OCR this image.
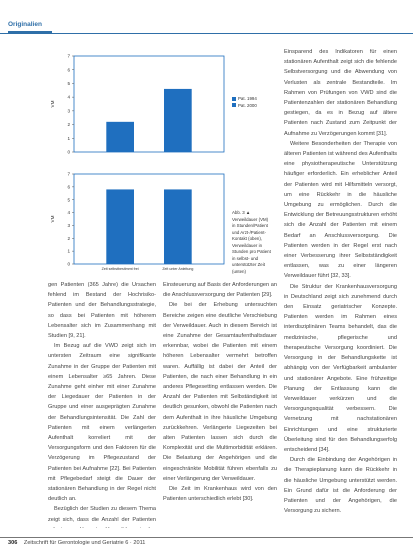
Originalien
0
1
2
3
4
5
6
7
VM
0
1
2
3
4
5
6
7
VM
Zeit selbstbestimmt frei	Zeit unter Anleitung
Pat. 1994
Pat. 2000
Abb. 3 ▲ Verweildauer (VM) in Stunden/Patient und Arzt-/Patient-Kontakt (oben), Verweildauer in Stunden pro Patient in selbst- und unterstützter Zeit (unten)

gen Patienten (365 Jahre) die Ursachen fehlend im Bestand der Hochrisiko-Patienten und der Behandlungsstrategie, so dass bei Patienten mit höherem Lebensalter sich im Zusammenhang mit Studien [9, 21].

Im Bezug auf die VWD zeigt sich im untersten Zeitraum eine signifikante Zunahme in der Gruppe der Patienten mit einem Lebensalter ≥65 Jahren. Diese Zunahme geht einher mit einer Zunahme der Liegedauer der Patienten in der Gruppe und einer ausgeprägten Zunahme der Behandlungsintensität. Die Zahl der Patienten mit einem verlängerten Aufenthalt korreliert mit der Versorgungsform und den Faktoren für die Verzögerung im Pflegezustand der Patienten bei Aufnahme [22]. Bei Patienten mit Pflegebedarf steigt die Dauer der stationären Behandlung in der Regel nicht deutlich an.

Bezüglich der Studien zu diesem Thema zeigt sich, dass die Anzahl der Patienten

Einsteuerung auf Basis der Anforderungen an die Anschlussversorgung der Patienten [29].

Die bei der Erhebung untersuchten Bereiche zeigen eine deutliche Verschiebung der Verweildauer. Auch in diesem Bereich ist eine Zunahme der Gesamtaufenthaltsdauer erkennbar, wobei die Patienten mit einem höheren Lebensalter vermehrt betroffen waren. Auffällig ist dabei der Anteil der Patienten, die nach einer Behandlung in ein anderes Pflegesetting entlassen werden. Die Anzahl der Patienten mit Selbständigkeit ist deutlich gesunken, obwohl die Patienten nach dem Aufenthalt in ihre häusliche Umgebung zurückkehren. Verlängerte Liegezeiten bei alten Patienten lassen sich durch die Komplexität und die Multimorbidität erklären. Die Belastung der Angehörigen und die eingeschränkte Mobilität führen ebenfalls zu einer Verlängerung der Verweildauer.

Die Zeit im Krankenhaus wird von den Patienten unterschiedlich erlebt [30].

Einsparend des Indikatoren für einen stationären Aufenthalt zeigt sich die fehlende Selbstversorgung und die Abwendung von Verlusten als zentrale Bestandteile. Im Rahmen von Prüfungen von VWD sind die Patientenzahlen der stationären Behandlung gestiegen, da es in Bezug auf ältere Patienten nach Zustand zum Zeitpunkt der Aufnahme zu Verzögerungen kommt [31].

Weitere Besonderheiten der Therapie von älteren Patienten ist während des Aufenthalts eine physiotherapeutische Unterstützung häufiger erforderlich. Ein erheblicher Anteil der Patienten wird mit Hilfsmitteln versorgt, um eine Rückkehr in die häusliche Umgebung zu ermöglichen. Durch die Entwicklung der Betreuungsstrukturen erhöht sich die Anzahl der Patienten mit einem Bedarf an Anschlussversorgung. Die Patienten werden in der Regel erst nach einer Verbesserung ihrer Selbstständigkeit entlassen, was zu einer längeren Verweildauer führt [32, 33].

Die Struktur der Krankenhausversorgung in Deutschland zeigt sich zunehmend durch den Einsatz geriatrischer Konzepte. Patienten werden im Rahmen eines interdisziplinären Teams behandelt, das die medizinische, pflegerische und therapeutische Versorgung koordiniert. Die Versorgung in der Behandlungskette ist abhängig von der Verfügbarkeit ambulanter und stationärer Angebote. Eine frühzeitige Planung der Entlassung kann die Verweildauer verkürzen und die Versorgungsqualität verbessern. Die Vernetzung mit nachstationären Einrichtungen und eine strukturierte Überleitung sind für den Behandlungserfolg entscheidend [34].

Durch die Einbindung der Angehörigen in die Therapieplanung kann die Rückkehr in die häusliche Umgebung unterstützt werden. Ein Grund dafür ist die Anforderung der Patienten und der Angehörigen, die Versorgung zu sichern.

306 Zeitschrift für Gerontologie und Geriatrie 6 · 2011
